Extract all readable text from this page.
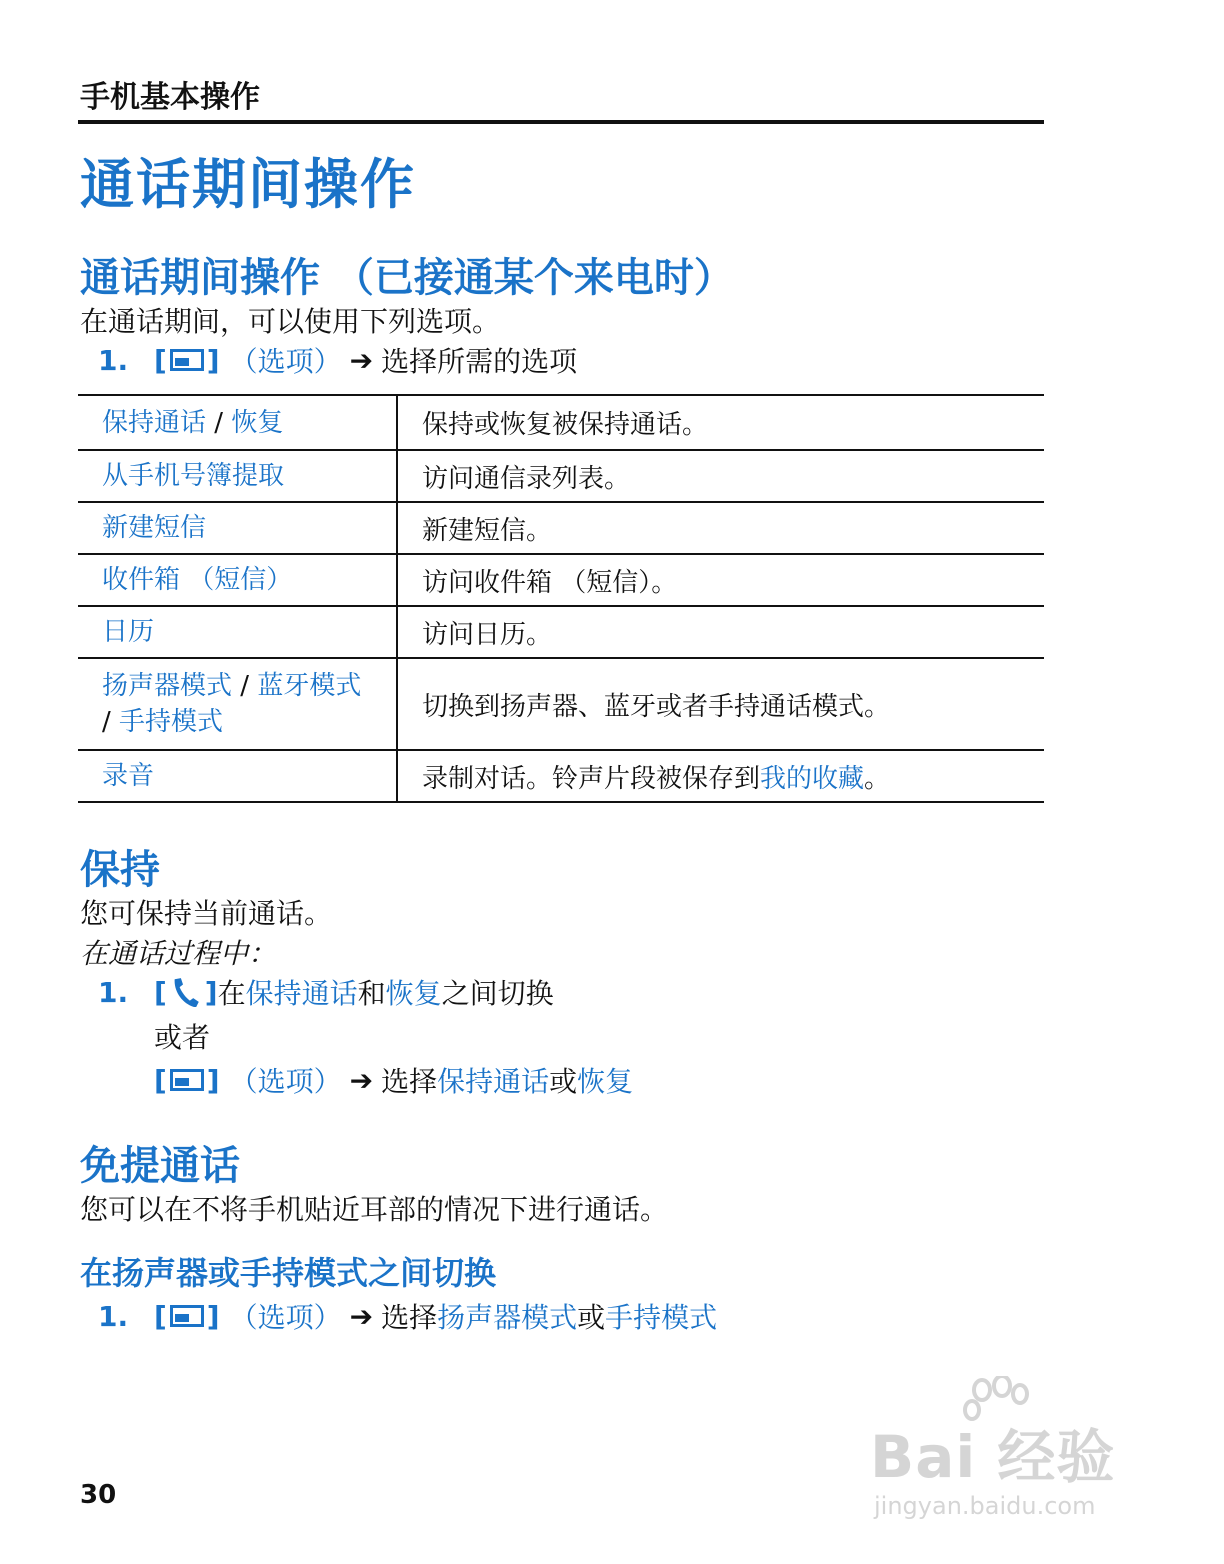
手机基本操作
通话期间操作
通话期间操作 （已接通某个来电时）
在通话期间，可以使用下列选项。
1. [ ] （选项） ➔ 选择所需的选项
保持通话 / 恢复	保持或恢复被保持通话。
从手机号簿提取	访问通信录列表。
新建短信	新建短信。
收件箱 （短信）	访问收件箱 （短信）。
日历	访问日历。
扬声器模式 / 蓝牙模式
/ 手持模式	切换到扬声器、蓝牙或者手持通话模式。
录音	录制对话。铃声片段被保存到我的收藏。
保持
您可保持当前通话。
在通话过程中：
1. [ ] 在 保持通话 和 恢复 之间切换
或者
[ ] （选项） ➔ 选择 保持通话 或 恢复
免提通话
您可以在不将手机贴近耳部的情况下进行通话。
在扬声器或手持模式之间切换
1. [ ] （选项） ➔ 选择 扬声器模式 或 手持模式
30
Bai 经验
jingyan.baidu.com
